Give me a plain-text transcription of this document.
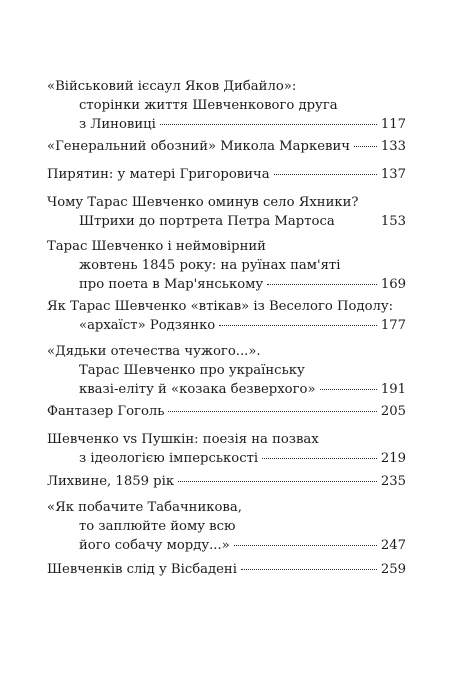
«Військовий ієсаул Яков Дибайло»:
сторінки життя Шевченкового друга
з Линовиці	117
«Генеральний обозний» Микола Маркевич 133
Пирятин: у матері Григоровича	137
Чому Тарас Шевченко оминув село Яхники?
Штрихи до портрета Петра Мартоса	153
Тарас Шевченко і неймовірний
жовтень 1845 року: на руїнах пам'яті
про поета в Мар'янському	169
Як Тарас Шевченко «втікав» із Веселого Подолу:
«архаїст» Родзянко	177
«Дядьки отечества чужого...».
Тарас Шевченко про українську
квазі-еліту й «козака безверхого»	191
Фантазер Гоголь	205
Шевченко vs Пушкін: поезія на позвах
з ідеологією імперськості	219
Лихвине, 1859 рік	235
«Як побачите Табачникова,
то заплюйте йому всю
його собачу морду...»	247
Шевченків слід у Вісбадені	259
